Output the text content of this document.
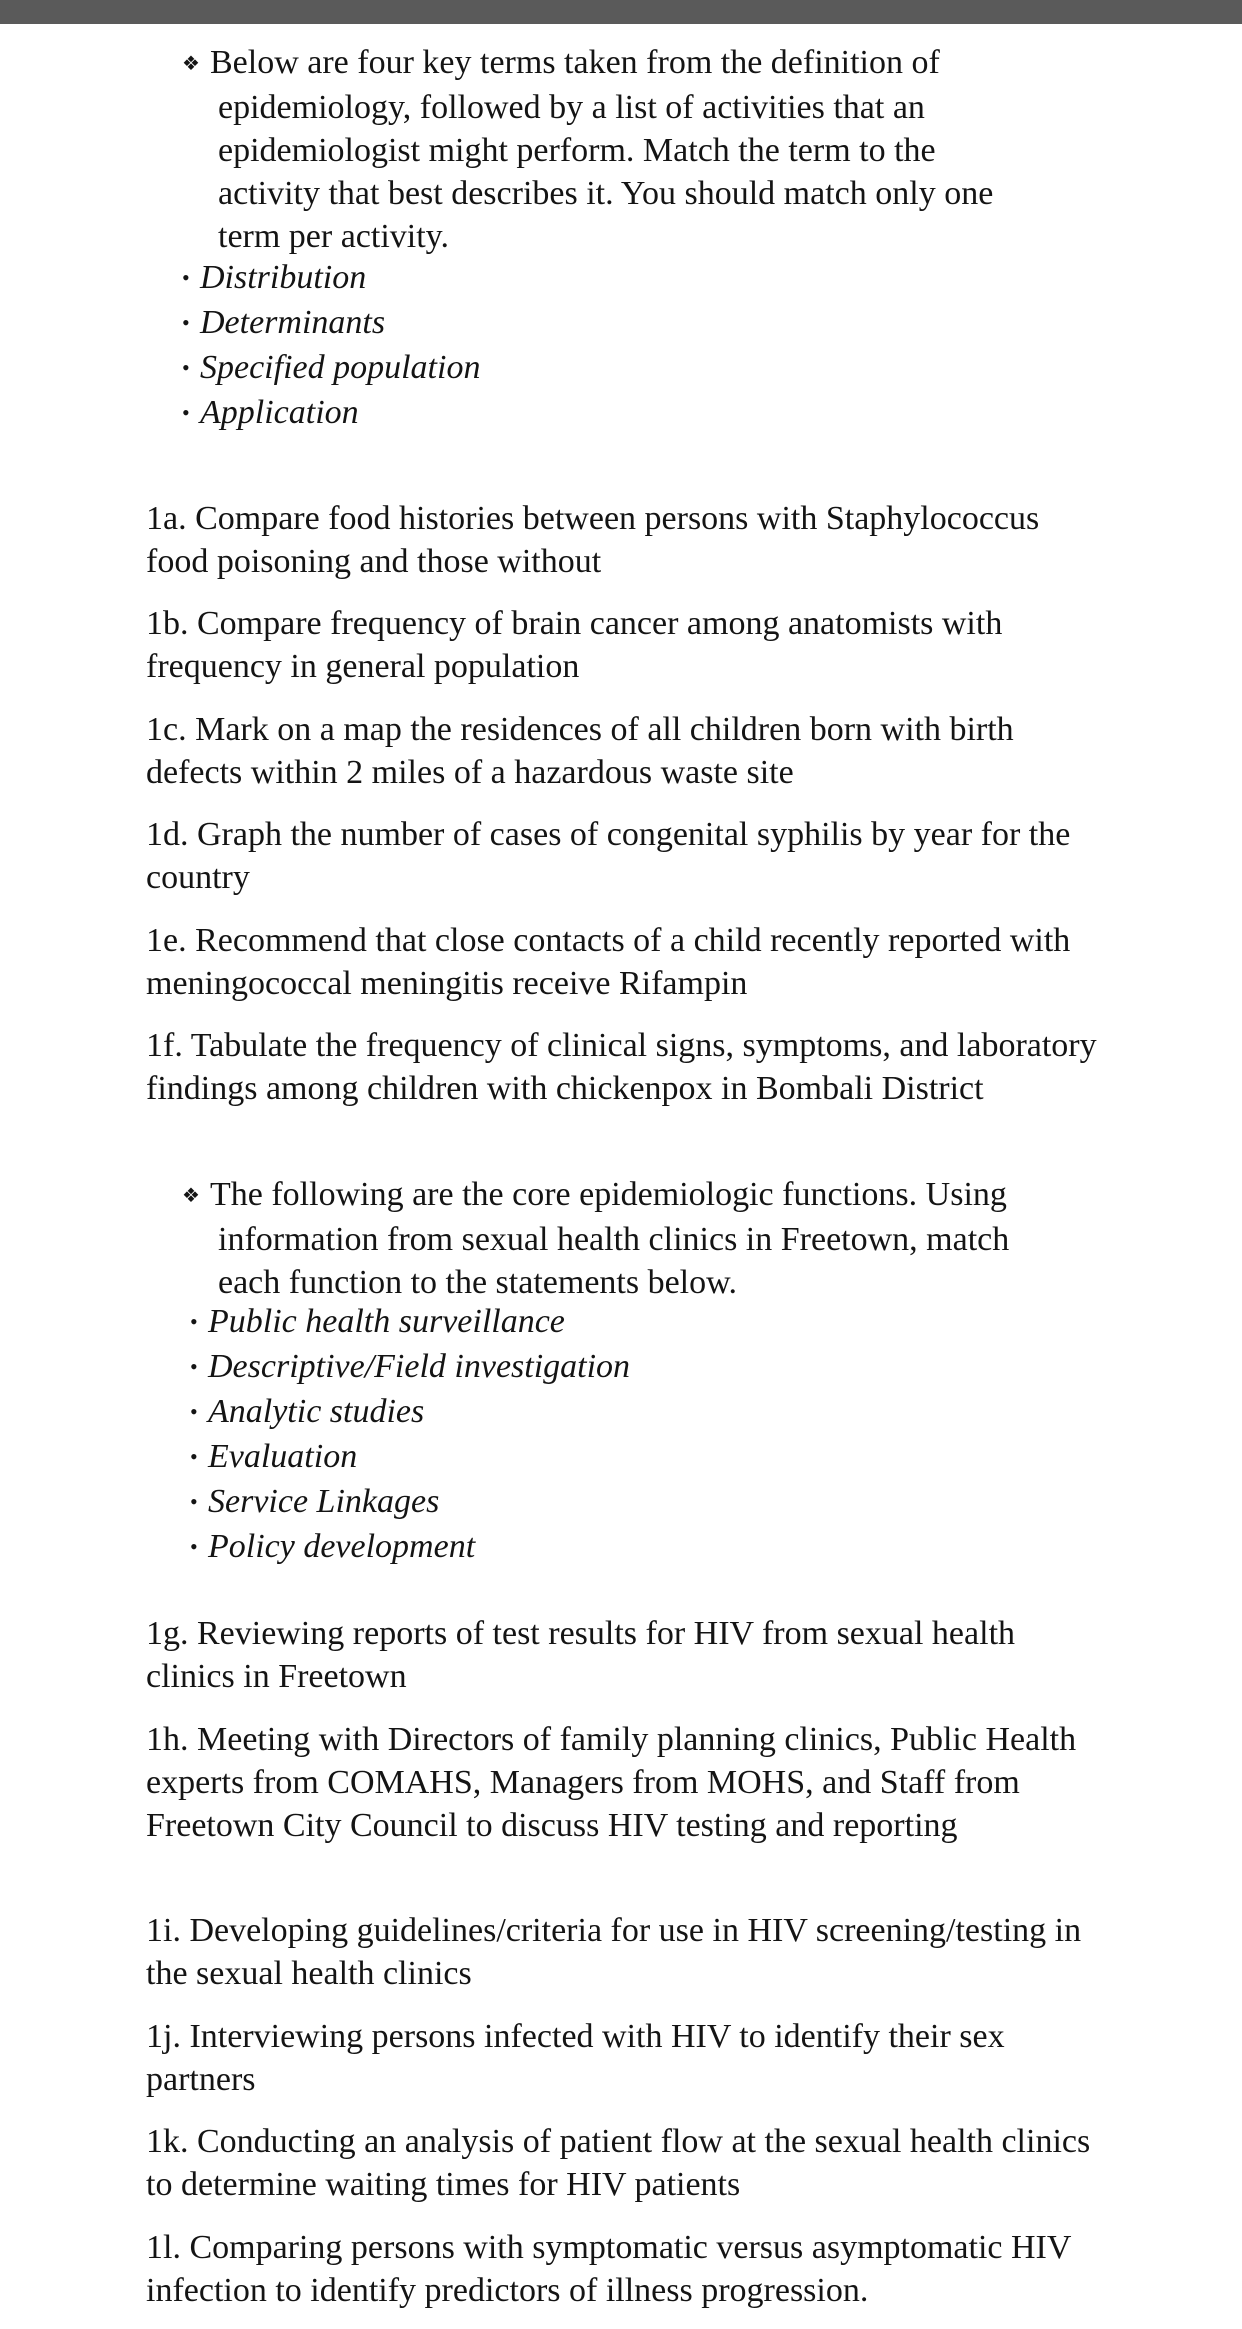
❖ Below are four key terms taken from the definition of
epidemiology, followed by a list of activities that an
epidemiologist might perform. Match the term to the
activity that best describes it. You should match only one
term per activity.
• Distribution
• Determinants
• Specified population
• Application

1a. Compare food histories between persons with Staphylococcus food poisoning and those without

1b. Compare frequency of brain cancer among anatomists with frequency in general population

1c. Mark on a map the residences of all children born with birth defects within 2 miles of a hazardous waste site

1d. Graph the number of cases of congenital syphilis by year for the country

1e. Recommend that close contacts of a child recently reported with meningococcal meningitis receive Rifampin

1f. Tabulate the frequency of clinical signs, symptoms, and laboratory findings among children with chickenpox in Bombali District

❖ The following are the core epidemiologic functions. Using
information from sexual health clinics in Freetown, match
each function to the statements below.
• Public health surveillance
• Descriptive/Field investigation
• Analytic studies
• Evaluation
• Service Linkages
• Policy development

1g. Reviewing reports of test results for HIV from sexual health clinics in Freetown

1h. Meeting with Directors of family planning clinics, Public Health experts from COMAHS, Managers from MOHS, and Staff from Freetown City Council to discuss HIV testing and reporting

1i. Developing guidelines/criteria for use in HIV screening/testing in the sexual health clinics

1j. Interviewing persons infected with HIV to identify their sex partners

1k. Conducting an analysis of patient flow at the sexual health clinics to determine waiting times for HIV patients

1l. Comparing persons with symptomatic versus asymptomatic HIV infection to identify predictors of illness progression.
